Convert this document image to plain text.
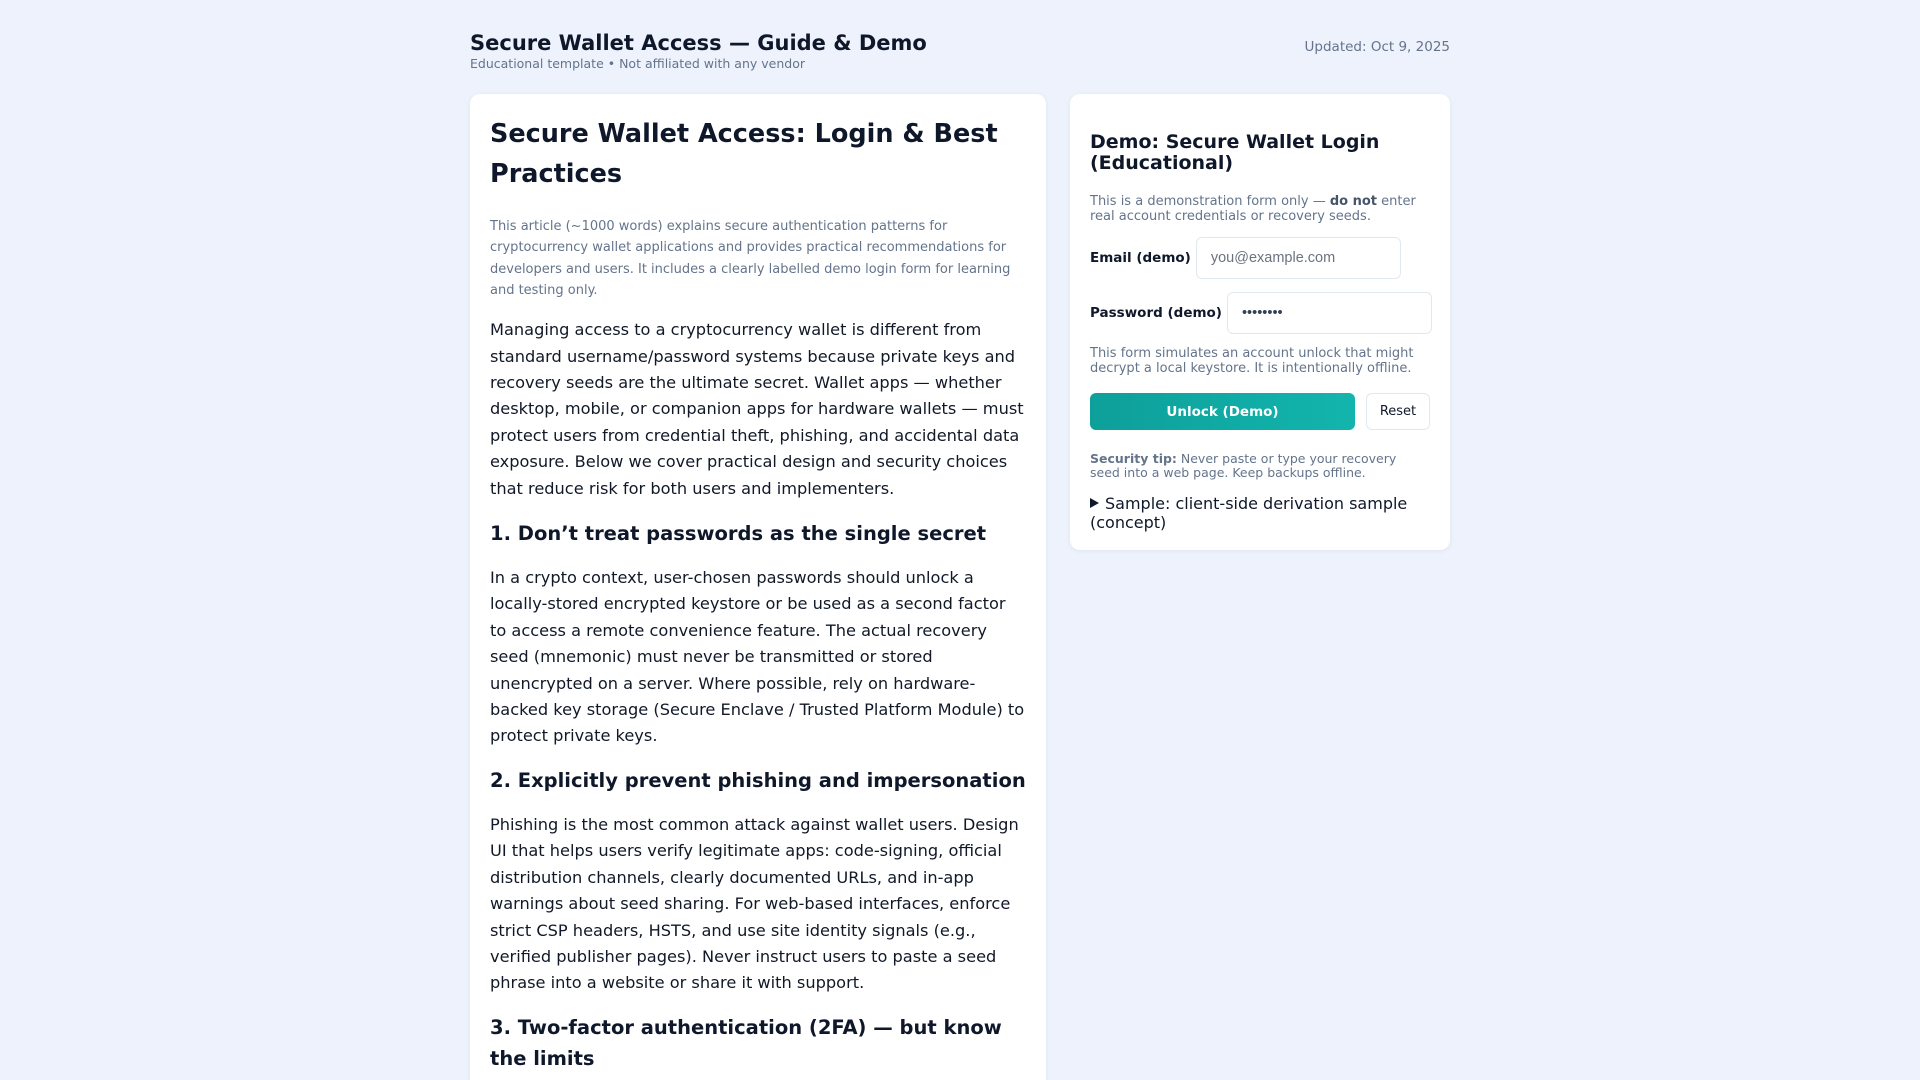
Secure Wallet Access — Guide & Demo
Educational template • Not affiliated with any vendor
Updated: Oct 9, 2025
Secure Wallet Access: Login & Best Practices

This article (~1000 words) explains secure authentication patterns for cryptocurrency wallet applications and provides practical recommendations for developers and users. It includes a clearly labelled demo login form for learning and testing only.

Managing access to a cryptocurrency wallet is different from standard username/password systems because private keys and recovery seeds are the ultimate secret. Wallet apps — whether desktop, mobile, or companion apps for hardware wallets — must protect users from credential theft, phishing, and accidental data exposure. Below we cover practical design and security choices that reduce risk for both users and implementers.

1. Don’t treat passwords as the single secret

In a crypto context, user-chosen passwords should unlock a locally-stored encrypted keystore or be used as a second factor to access a remote convenience feature. The actual recovery seed (mnemonic) must never be transmitted or stored unencrypted on a server. Where possible, rely on hardware-backed key storage (Secure Enclave / Trusted Platform Module) to protect private keys.

2. Explicitly prevent phishing and impersonation

Phishing is the most common attack against wallet users. Design UI that helps users verify legitimate apps: code-signing, official distribution channels, clearly documented URLs, and in-app warnings about seed sharing. For web-based interfaces, enforce strict CSP headers, HSTS, and use site identity signals (e.g., verified publisher pages). Never instruct users to paste a seed phrase into a website or share it with support.

3. Two-factor authentication (2FA) — but know the limits
Demo: Secure Wallet Login (Educational)

This is a demonstration form only — do not enter real account credentials or recovery seeds.

Email (demo)
you@example.com
Password (demo)

This form simulates an account unlock that might decrypt a local keystore. It is intentionally offline.

Unlock (Demo)	Reset

Security tip: Never paste or type your recovery seed into a web page. Keep backups offline.

Sample: client-side derivation sample (concept)
